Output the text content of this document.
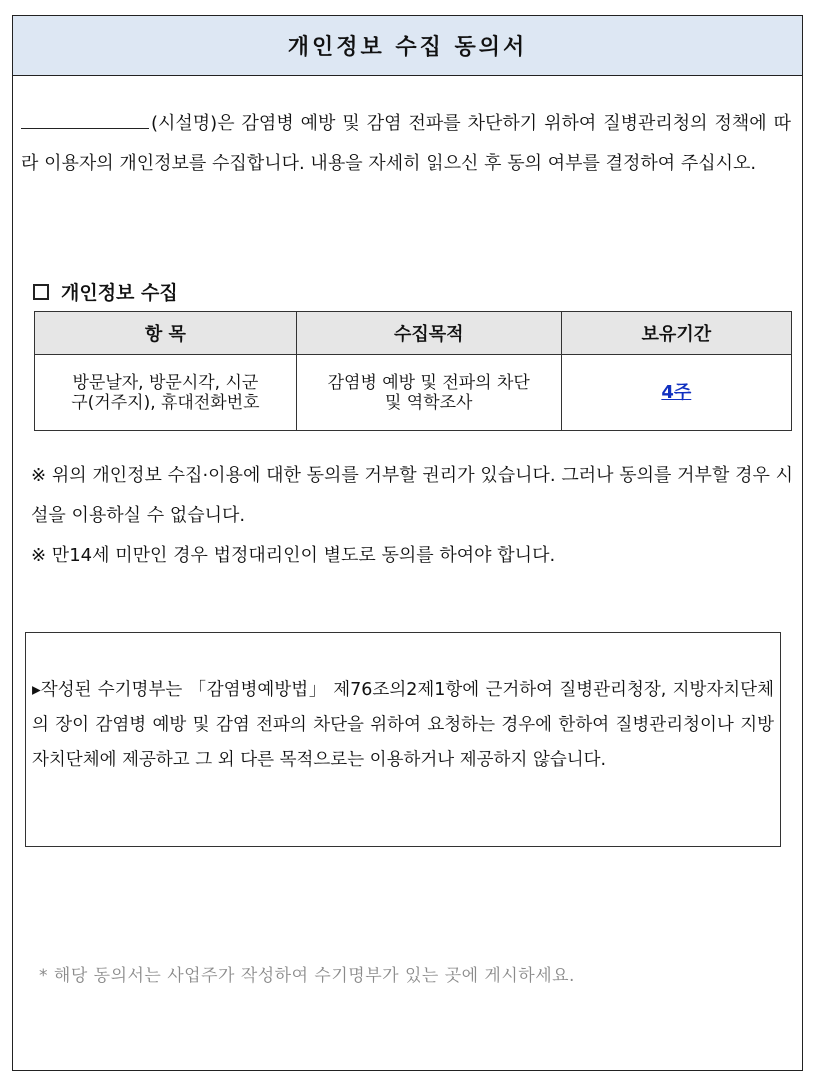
개인정보 수집 동의서
(시설명)은 감염병 예방 및 감염 전파를 차단하기 위하여 질병관리청의 정책에 따라 이용자의 개인정보를 수집합니다. 내용을 자세히 읽으신 후 동의 여부를 결정하여 주십시오.
개인정보 수집
항 목	수집목적	보유기간

방문날자, 방문시각, 시군구(거주지), 휴대전화번호	감염병 예방 및 전파의 차단 및 역학조사	4주
※ 위의 개인정보 수집·이용에 대한 동의를 거부할 권리가 있습니다. 그러나 동의를 거부할 경우 시설을 이용하실 수 없습니다.
※ 만14세 미만인 경우 법정대리인이 별도로 동의를 하여야 합니다.
▸작성된 수기명부는 「감염병예방법」 제76조의2제1항에 근거하여 질병관리청장, 지방자치단체의 장이 감염병 예방 및 감염 전파의 차단을 위하여 요청하는 경우에 한하여 질병관리청이나 지방자치단체에 제공하고 그 외 다른 목적으로는 이용하거나 제공하지 않습니다.
* 해당 동의서는 사업주가 작성하여 수기명부가 있는 곳에 게시하세요.
